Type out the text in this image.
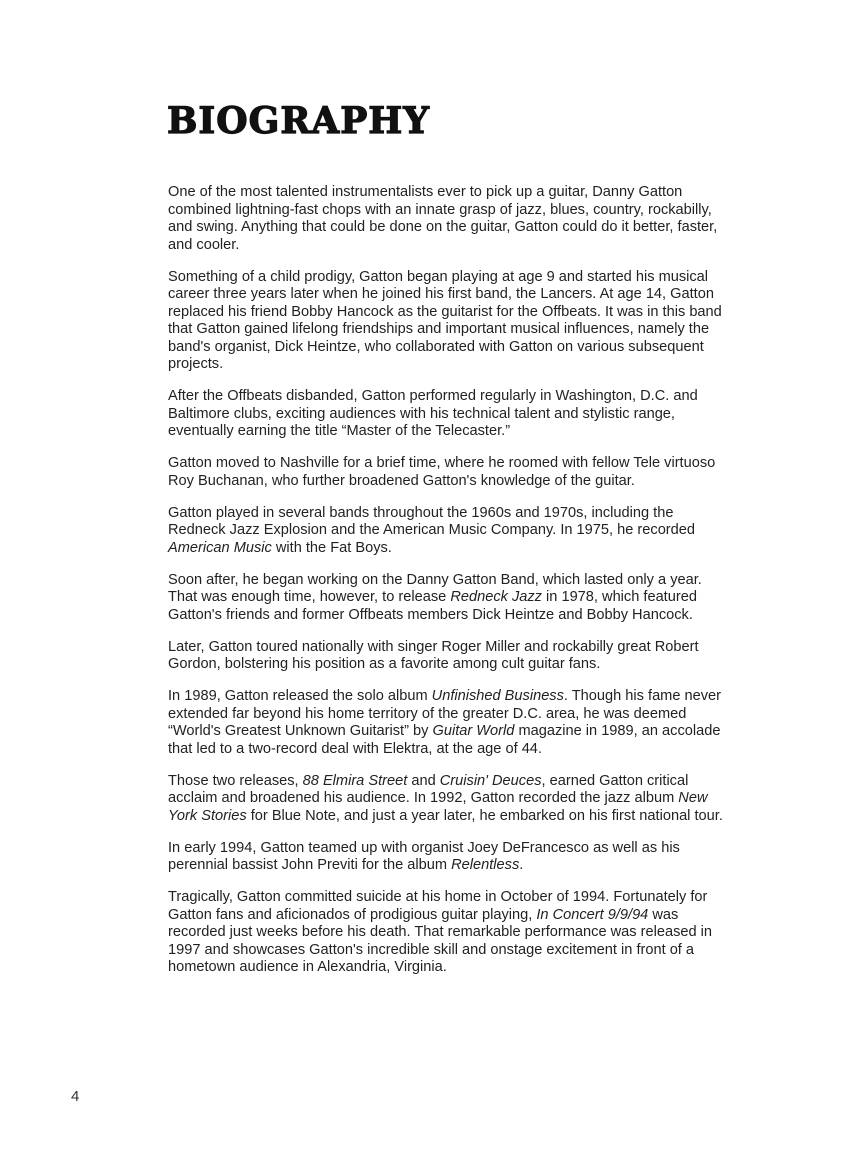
BIOGRAPHY

One of the most talented instrumentalists ever to pick up a guitar, Danny Gatton combined lightning-fast chops with an innate grasp of jazz, blues, country, rockabilly, and swing. Anything that could be done on the guitar, Gatton could do it better, faster, and cooler.

Something of a child prodigy, Gatton began playing at age 9 and started his musical career three years later when he joined his first band, the Lancers. At age 14, Gatton replaced his friend Bobby Hancock as the guitarist for the Offbeats. It was in this band that Gatton gained lifelong friendships and important musical influences, namely the band's organist, Dick Heintze, who collaborated with Gatton on various subsequent projects.

After the Offbeats disbanded, Gatton performed regularly in Washington, D.C. and Baltimore clubs, exciting audiences with his technical talent and stylistic range, eventually earning the title “Master of the Telecaster.”

Gatton moved to Nashville for a brief time, where he roomed with fellow Tele virtuoso Roy Buchanan, who further broadened Gatton's knowledge of the guitar.

Gatton played in several bands throughout the 1960s and 1970s, including the Redneck Jazz Explosion and the American Music Company. In 1975, he recorded American Music with the Fat Boys.

Soon after, he began working on the Danny Gatton Band, which lasted only a year. That was enough time, however, to release Redneck Jazz in 1978, which featured Gatton's friends and former Offbeats members Dick Heintze and Bobby Hancock.

Later, Gatton toured nationally with singer Roger Miller and rockabilly great Robert Gordon, bolstering his position as a favorite among cult guitar fans.

In 1989, Gatton released the solo album Unfinished Business. Though his fame never extended far beyond his home territory of the greater D.C. area, he was deemed “World's Greatest Unknown Guitarist” by Guitar World magazine in 1989, an accolade that led to a two-record deal with Elektra, at the age of 44.

Those two releases, 88 Elmira Street and Cruisin' Deuces, earned Gatton critical acclaim and broadened his audience. In 1992, Gatton recorded the jazz album New York Stories for Blue Note, and just a year later, he embarked on his first national tour.

In early 1994, Gatton teamed up with organist Joey DeFrancesco as well as his perennial bassist John Previti for the album Relentless.

Tragically, Gatton committed suicide at his home in October of 1994. Fortunately for Gatton fans and aficionados of prodigious guitar playing, In Concert 9/9/94 was recorded just weeks before his death. That remarkable performance was released in 1997 and showcases Gatton's incredible skill and onstage excitement in front of a hometown audience in Alexandria, Virginia.

4
